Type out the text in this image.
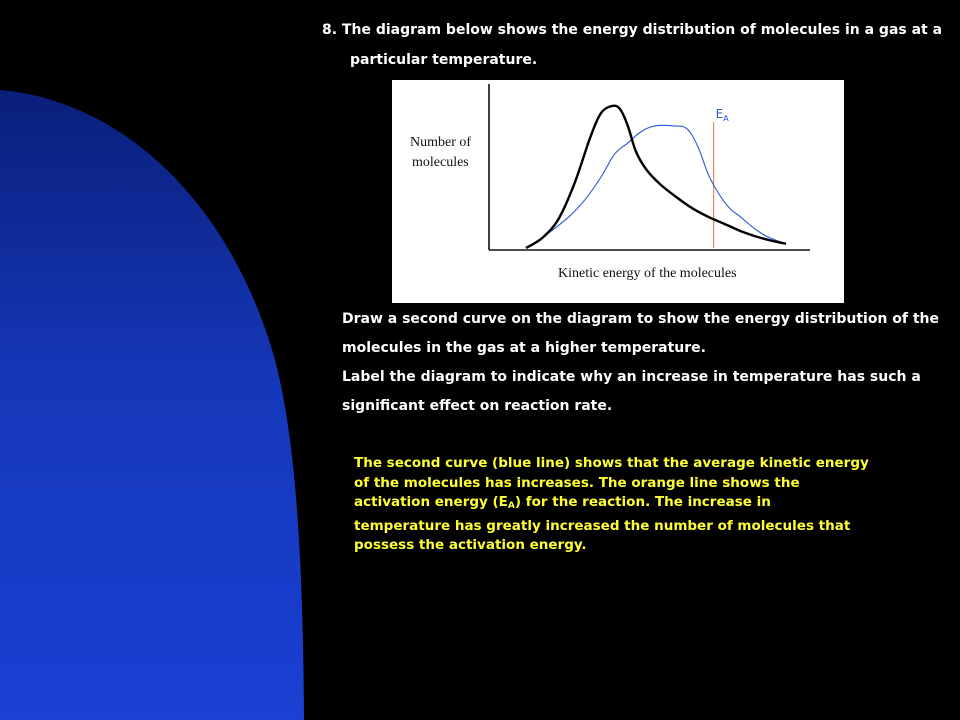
8. The diagram below shows the energy distribution of molecules in a gas at a
particular temperature.
Number of
molecules
Kinetic energy of the molecules
$E_A$
Draw a second curve on the diagram to show the energy distribution of the
molecules in the gas at a higher temperature.
Label the diagram to indicate why an increase in temperature has such a
significant effect on reaction rate.
The second curve (blue line) shows that the average kinetic energy
of the molecules has increases. The orange line shows the
activation energy $(E_A)$ for the reaction. The increase in
temperature has greatly increased the number of molecules that
possess the activation energy.
